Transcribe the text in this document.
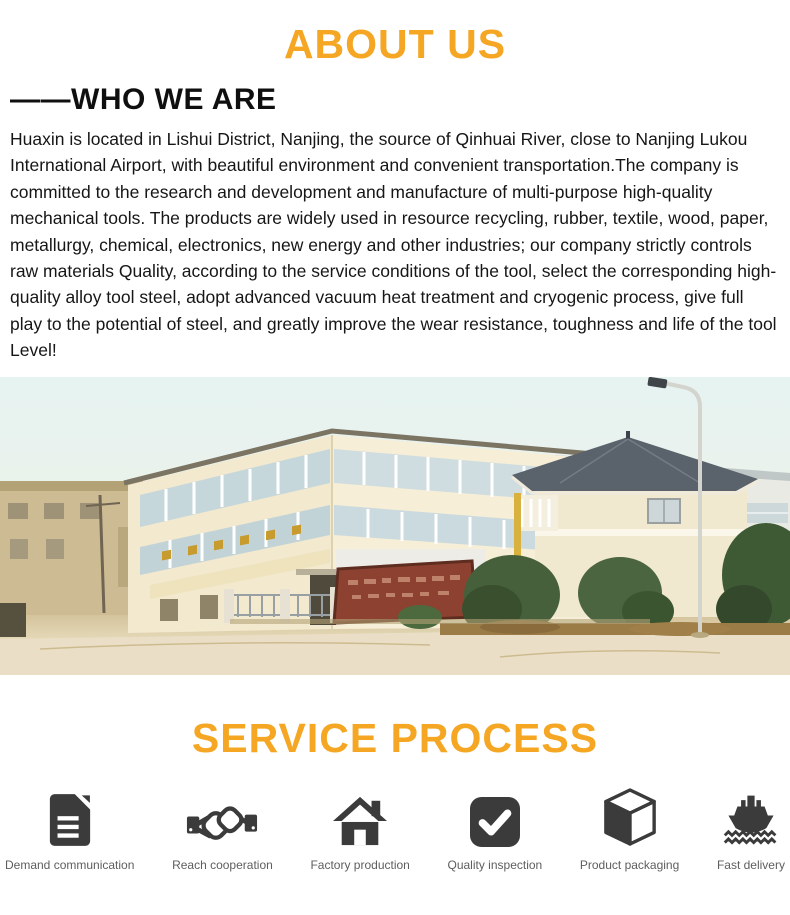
ABOUT US
——WHO WE ARE

Huaxin is located in Lishui District, Nanjing, the source of Qinhuai River, close to Nanjing Lukou International Airport, with beautiful environment and convenient transportation.The company is committed to the research and development and manufacture of multi-purpose high-quality mechanical tools. The products are widely used in resource recycling, rubber, textile, wood, paper, metallurgy, chemical, electronics, new energy and other industries; our company strictly controls raw materials Quality, according to the service conditions of the tool, select the corresponding high-quality alloy tool steel, adopt advanced vacuum heat treatment and cryogenic process, give full play to the potential of steel, and greatly improve the wear resistance, toughness and life of the tool Level!

SERVICE PROCESS
Demand communication	Reach cooperation	Factory production	Quality inspection	Product packaging	Fast delivery
